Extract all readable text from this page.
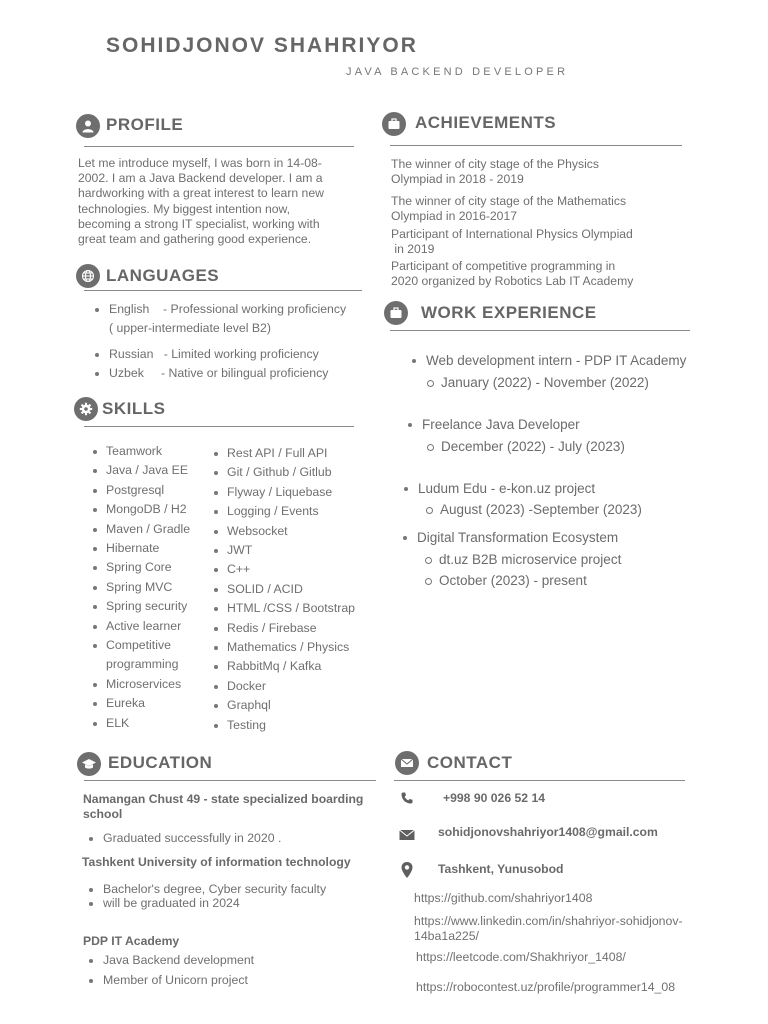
SOHIDJONOV SHAHRIYOR
JAVA BACKEND DEVELOPER
PROFILE
Let me introduce myself, I was born in 14-08-
2002. I am a Java Backend developer. I am a
hardworking with a great interest to learn new
technologies. My biggest intention now,
becoming a strong IT specialist, working with
great team and gathering good experience.
LANGUAGES
English - Professional working proficiency
( upper-intermediate level B2)
Russian - Limited working proficiency
Uzbek - Native or bilingual proficiency
SKILLS
Teamwork
Java / Java EE
Postgresql
MongoDB / H2
Maven / Gradle
Hibernate
Spring Core
Spring MVC
Spring security
Active learner
Competitive
programming
Microservices
Eureka
ELK
Rest API / Full API
Git / Github / Gitlub
Flyway / Liquebase
Logging / Events
Websocket
JWT
C++
SOLID / ACID
HTML /CSS / Bootstrap
Redis / Firebase
Mathematics / Physics
RabbitMq / Kafka
Docker
Graphql
Testing
ACHIEVEMENTS
The winner of city stage of the Physics
Olympiad in 2018 - 2019
The winner of city stage of the Mathematics
Olympiad in 2016-2017
Participant of International Physics Olympiad
in 2019
Participant of competitive programming in
2020 organized by Robotics Lab IT Academy
WORK EXPERIENCE
Web development intern - PDP IT Academy
January (2022) - November (2022)
Freelance Java Developer
December (2022) - July (2023)
Ludum Edu - e-kon.uz project
August (2023) -September (2023)
Digital Transformation Ecosystem
dt.uz B2B microservice project
October (2023) - present
EDUCATION
Namangan Chust 49 - state specialized boarding
school
Graduated successfully in 2020 .
Tashkent University of information technology
Bachelor's degree, Cyber security faculty
will be graduated in 2024
PDP IT Academy
Java Backend development
Member of Unicorn project
CONTACT
+998 90 026 52 14
sohidjonovshahriyor1408@gmail.com
Tashkent, Yunusobod
https://github.com/shahriyor1408
https://www.linkedin.com/in/shahriyor-sohidjonov-
14ba1a225/
https://leetcode.com/Shakhriyor_1408/
https://robocontest.uz/profile/programmer14_08
